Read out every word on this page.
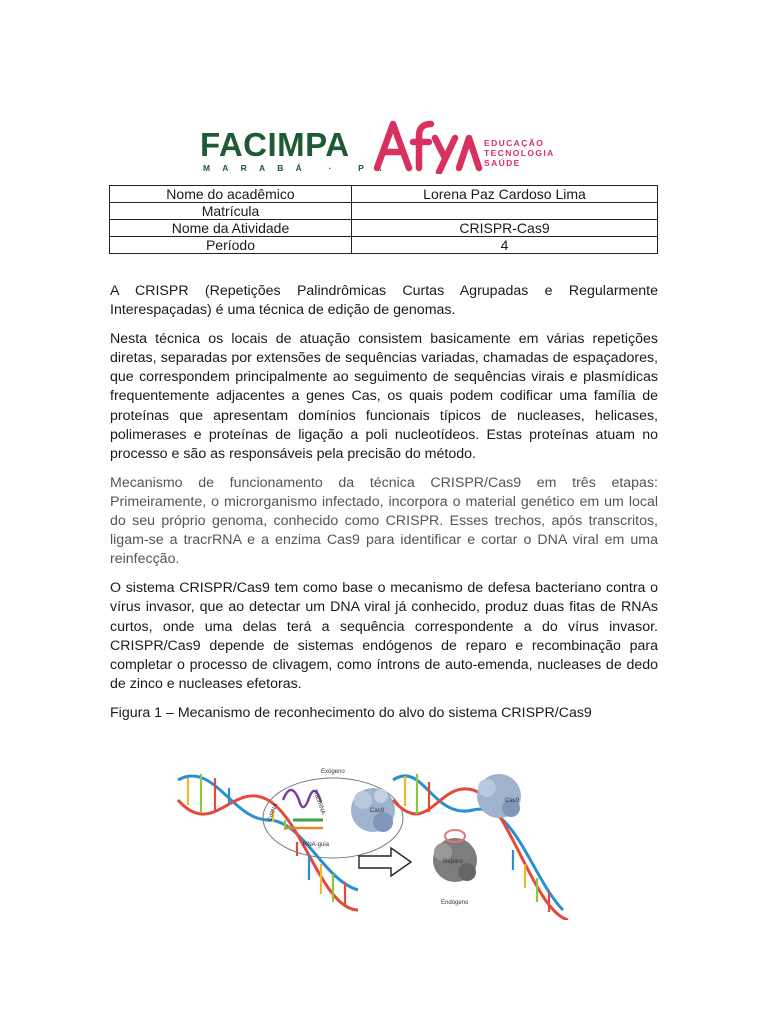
FACIMPA
MARABÁ · PA
EDUCAÇÃO
TECNOLOGIA
SAÚDE
Nome do acadêmico	Lorena Paz Cardoso Lima
Matrícula	
Nome da Atividade	CRISPR-Cas9
Período	4

A CRISPR (Repetições Palindrômicas Curtas Agrupadas e Regularmente Interespaçadas) é uma técnica de edição de genomas.

Nesta técnica os locais de atuação consistem basicamente em várias repetições diretas, separadas por extensões de sequências variadas, chamadas de espaçadores, que correspondem principalmente ao seguimento de sequências virais e plasmídicas frequentemente adjacentes a genes Cas, os quais podem codificar uma família de proteínas que apresentam domínios funcionais típicos de nucleases, helicases, polimerases e proteínas de ligação a poli nucleotídeos. Estas proteínas atuam no processo e são as responsáveis pela precisão do método.

Mecanismo de funcionamento da técnica CRISPR/Cas9 em três etapas: Primeiramente, o microrganismo infectado, incorpora o material genético em um local do seu próprio genoma, conhecido como CRISPR. Esses trechos, após transcritos, ligam-se a tracrRNA e a enzima Cas9 para identificar e cortar o DNA viral em uma reinfecção.

O sistema CRISPR/Cas9 tem como base o mecanismo de defesa bacteriano contra o vírus invasor, que ao detectar um DNA viral já conhecido, produz duas fitas de RNAs curtos, onde uma delas terá a sequência correspondente a do vírus invasor. CRISPR/Cas9 depende de sistemas endógenos de reparo e recombinação para completar o processo de clivagem, como íntrons de auto-emenda, nucleases de dedo de zinco e nucleases efetoras.

Figura 1 – Mecanismo de reconhecimento do alvo do sistema CRISPR/Cas9

Exógeno
CrRNA	TracrRNA
RNA-guia
Cas9
Cas9
Reparo
Endógeno
